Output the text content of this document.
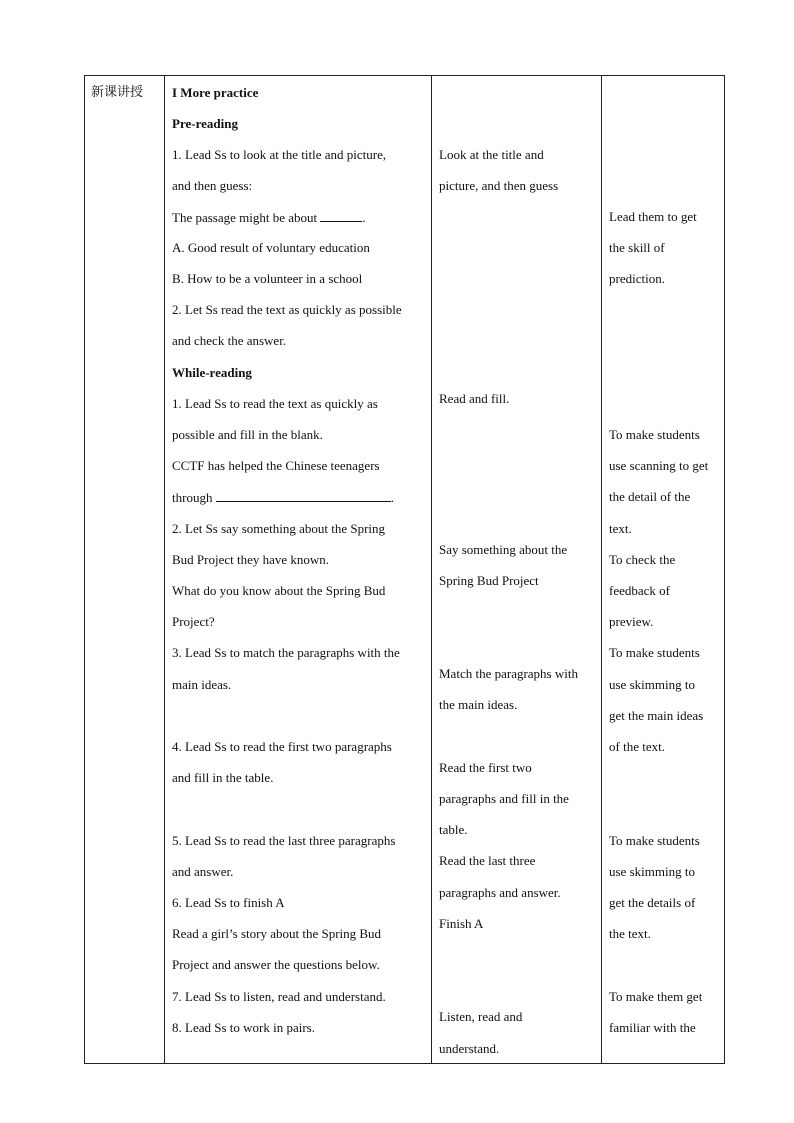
新课讲授 I More practice
Pre-reading
1. Lead Ss to look at the title and picture,
and then guess:
The passage might be about	.
A. Good result of voluntary education
B. How to be a volunteer in a school
2. Let Ss read the text as quickly as possible
and check the answer.
While-reading
1. Lead Ss to read the text as quickly as
possible and fill in the blank.
CCTF has helped the Chinese teenagers
through	.
2. Let Ss say something about the Spring
Bud Project they have known.
What do you know about the Spring Bud
Project?
3. Lead Ss to match the paragraphs with the
main ideas.
4. Lead Ss to read the first two paragraphs
and fill in the table.
5. Lead Ss to read the last three paragraphs
and answer.
6. Lead Ss to finish A
Read a girl’s story about the Spring Bud
Project and answer the questions below.
7. Lead Ss to listen, read and understand.
8. Lead Ss to work in pairs.
Look at the title and
picture, and then guess
Read and fill.
Say something about the
Spring Bud Project
Match the paragraphs with
the main ideas.
Read the first two
paragraphs and fill in the
table.
Read the last three
paragraphs and answer.
Finish A
Listen, read and
understand.
Lead them to get
the skill of
prediction.
To make students
use scanning to get
the detail of the
text.
To check the
feedback of
preview.
To make students
use skimming to
get the main ideas
of the text.
To make students
use skimming to
get the details of
the text.
To make them get
familiar with the
